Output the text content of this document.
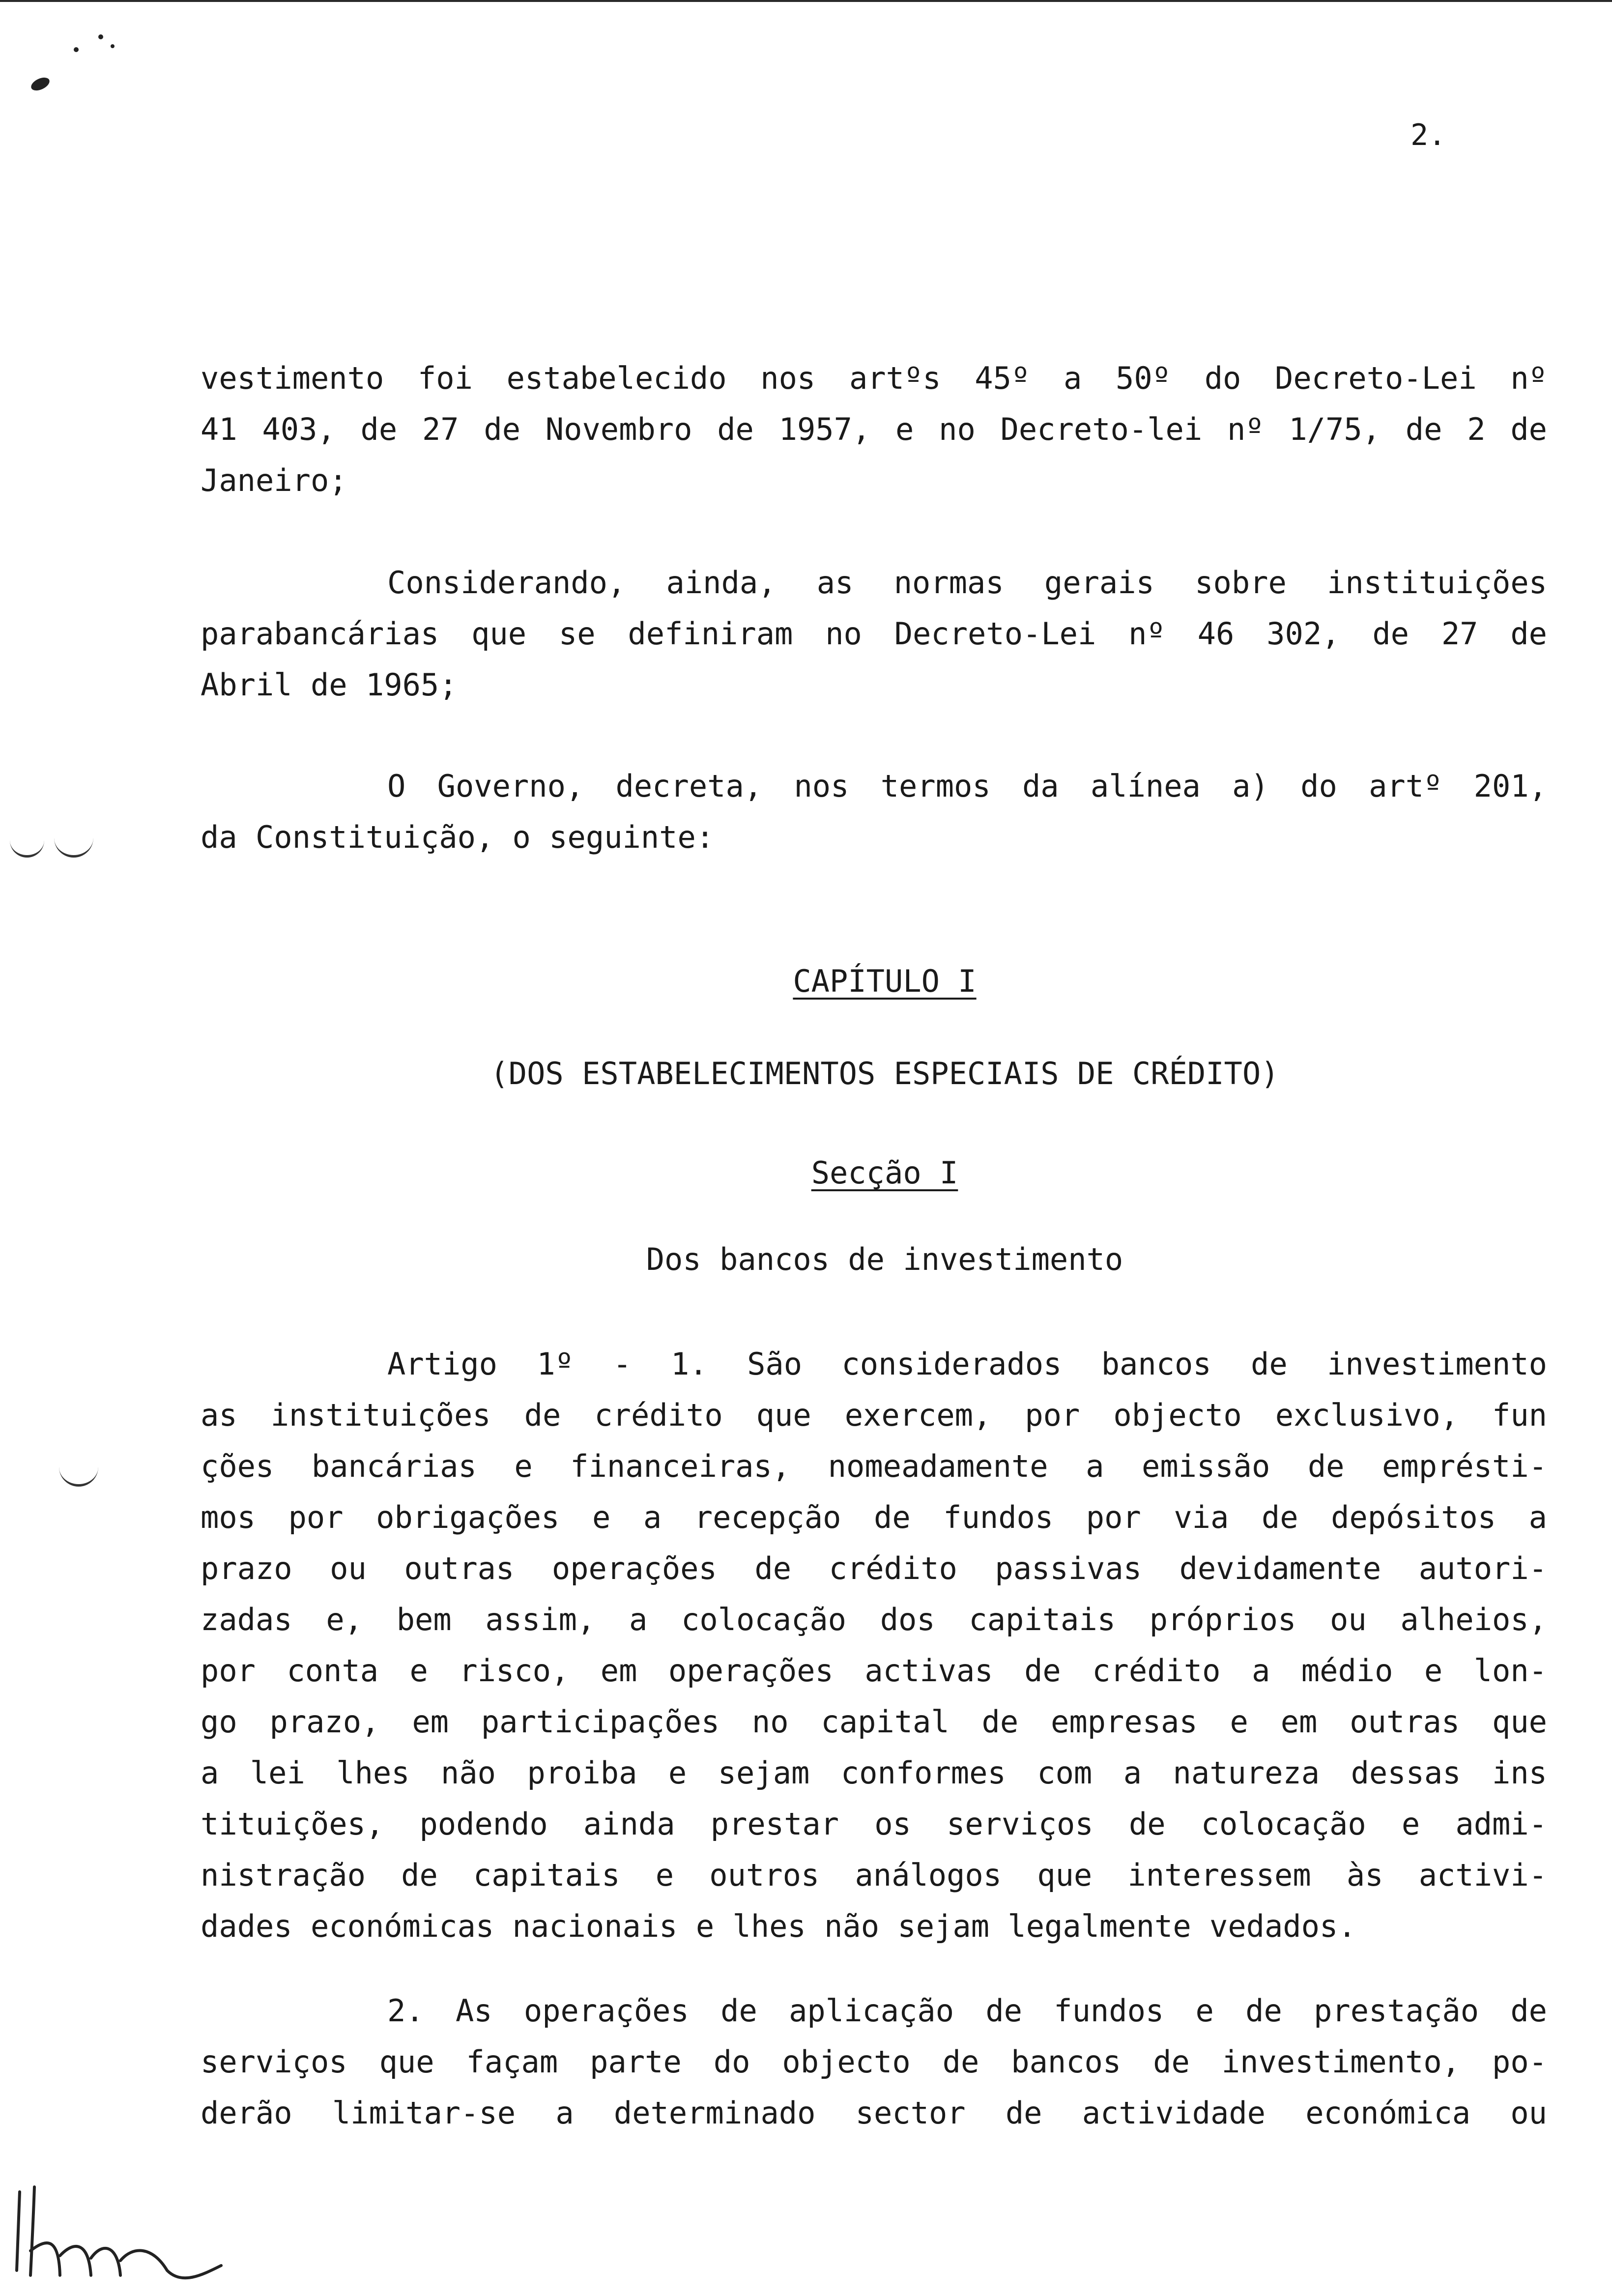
2.
vestimento foi estabelecido nos artºs 45º a 50º do Decreto-Lei nº
41 403, de 27 de Novembro de 1957, e no Decreto-lei nº 1/75, de 2 de
Janeiro;
Considerando, ainda, as normas gerais sobre instituições
parabancárias que se definiram no Decreto-Lei nº 46 302, de 27 de
Abril de 1965;
O Governo, decreta, nos termos da alínea a) do artº 201,
da Constituição, o seguinte:
CAPÍTULO I
(DOS ESTABELECIMENTOS ESPECIAIS DE CRÉDITO)
Secção I
Dos bancos de investimento
Artigo 1º - 1. São considerados bancos de investimento
as instituições de crédito que exercem, por objecto exclusivo, fun
ções bancárias e financeiras, nomeadamente a emissão de emprésti-
mos por obrigações e a recepção de fundos por via de depósitos a
prazo ou outras operações de crédito passivas devidamente autori-
zadas e, bem assim, a colocação dos capitais próprios ou alheios,
por conta e risco, em operações activas de crédito a médio e lon-
go prazo, em participações no capital de empresas e em outras que
a lei lhes não proiba e sejam conformes com a natureza dessas ins
tituições, podendo ainda prestar os serviços de colocação e admi-
nistração de capitais e outros análogos que interessem às activi-
dades económicas nacionais e lhes não sejam legalmente vedados.
2. As operações de aplicação de fundos e de prestação de
serviços que façam parte do objecto de bancos de investimento, po-
derão limitar-se a determinado sector de actividade económica ou
